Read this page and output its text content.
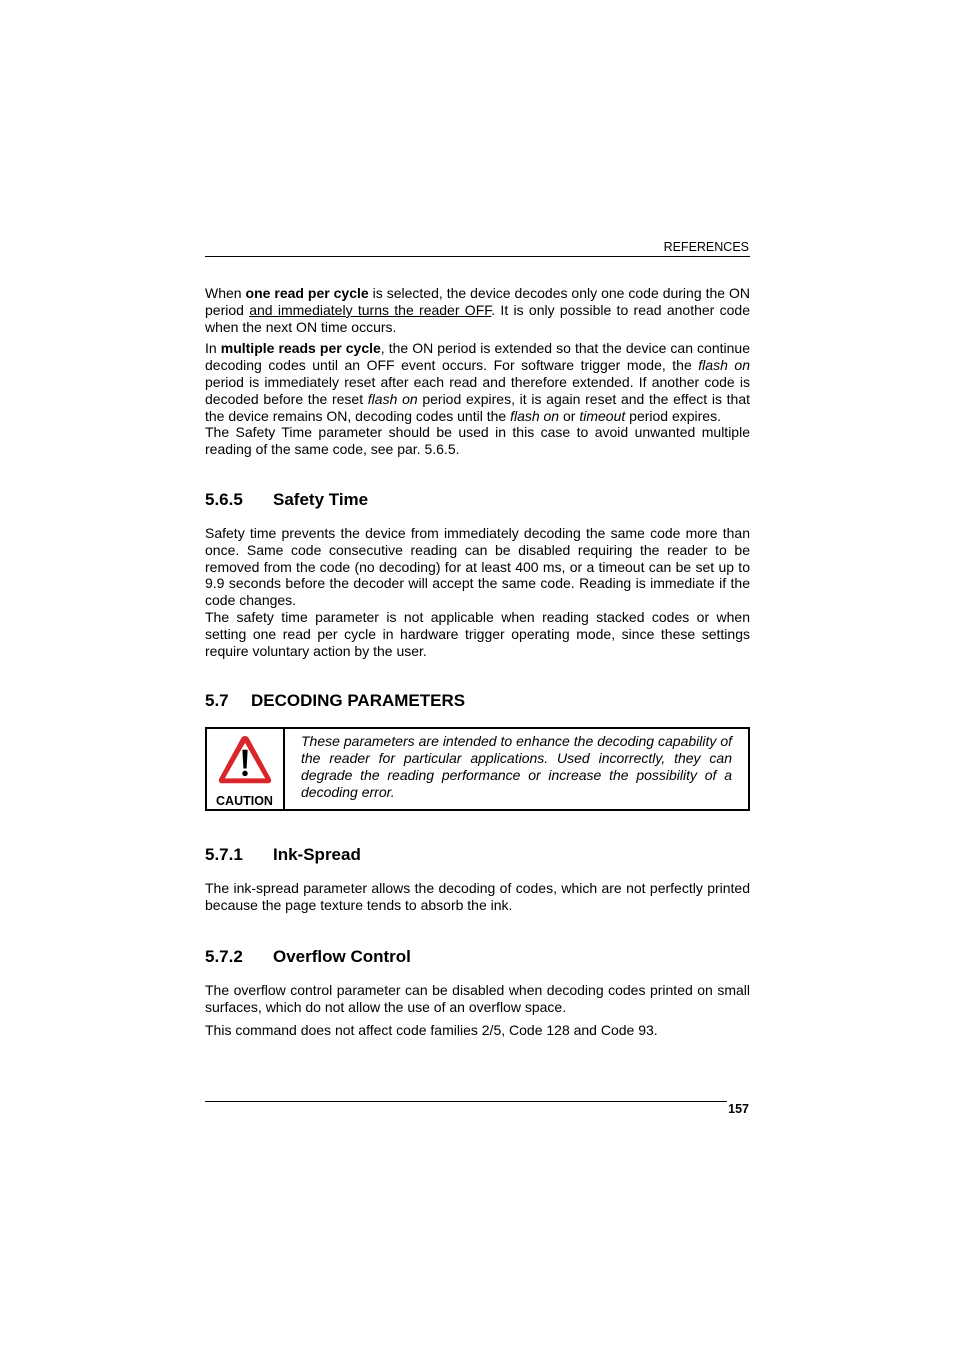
REFERENCES

When one read per cycle is selected, the device decodes only one code during the ON period and immediately turns the reader OFF. It is only possible to read another code when the next ON time occurs.

In multiple reads per cycle, the ON period is extended so that the device can continue decoding codes until an OFF event occurs. For software trigger mode, the flash on period is immediately reset after each read and therefore extended. If another code is decoded before the reset flash on period expires, it is again reset and the effect is that the device remains ON, decoding codes until the flash on or timeout period expires.

The Safety Time parameter should be used in this case to avoid unwanted multiple reading of the same code, see par. 5.6.5.

5.6.5	Safety Time

Safety time prevents the device from immediately decoding the same code more than once. Same code consecutive reading can be disabled requiring the reader to be removed from the code (no decoding) for at least 400 ms, or a timeout can be set up to 9.9 seconds before the decoder will accept the same code. Reading is immediate if the code changes.

The safety time parameter is not applicable when reading stacked codes or when setting one read per cycle in hardware trigger operating mode, since these settings require voluntary action by the user.

5.7	DECODING PARAMETERS
CAUTION
These parameters are intended to enhance the decoding capability of the reader for particular applications. Used incorrectly, they can degrade the reading performance or increase the possibility of a decoding error.
5.7.1	Ink-Spread

The ink-spread parameter allows the decoding of codes, which are not perfectly printed because the page texture tends to absorb the ink.

5.7.2	Overflow Control

The overflow control parameter can be disabled when decoding codes printed on small surfaces, which do not allow the use of an overflow space.

This command does not affect code families 2/5, Code 128 and Code 93.

157
